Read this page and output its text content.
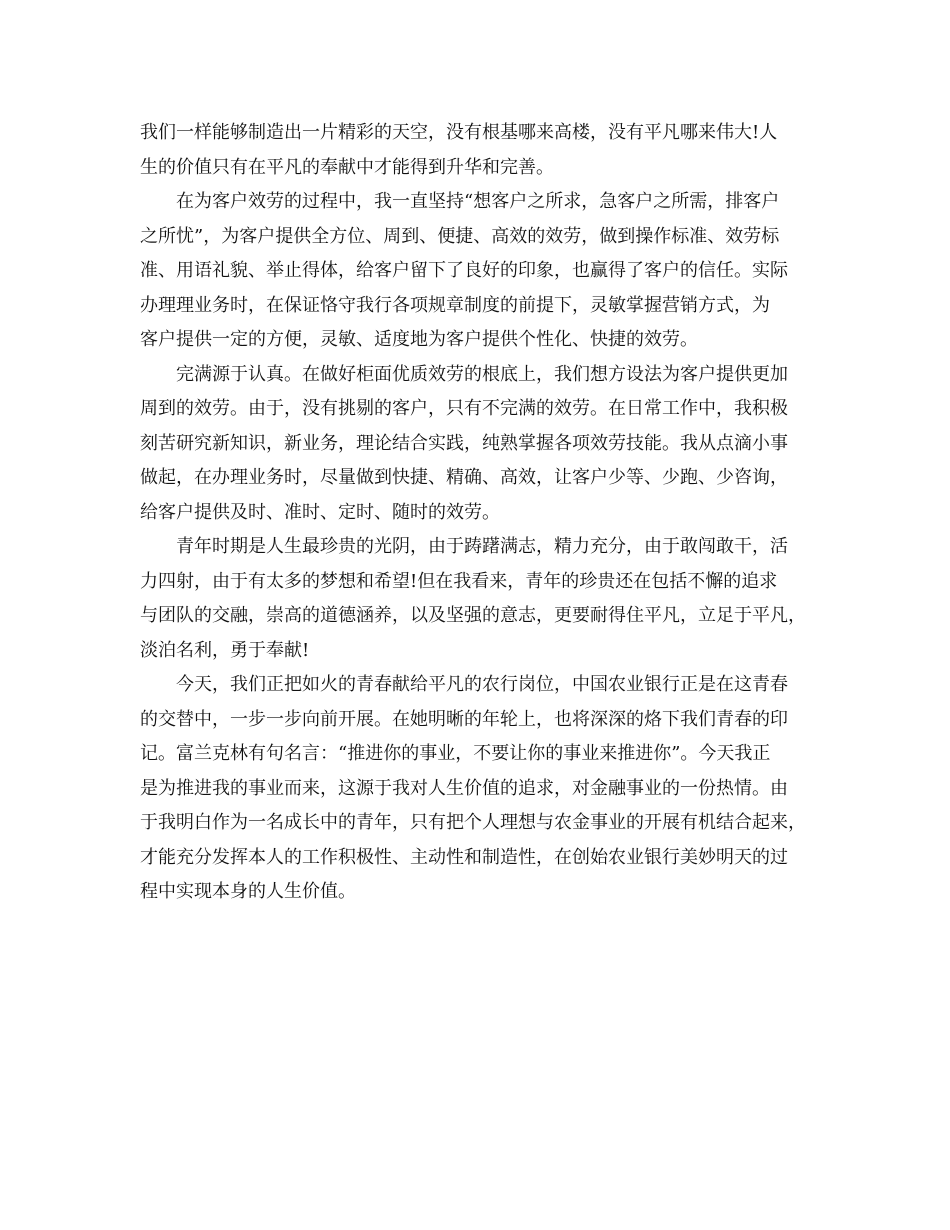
我们一样能够制造出一片精彩的天空，没有根基哪来高楼，没有平凡哪来伟大!人
生的价值只有在平凡的奉献中才能得到升华和完善。
在为客户效劳的过程中，我一直坚持“想客户之所求，急客户之所需，排客户
之所忧”，为客户提供全方位、周到、便捷、高效的效劳，做到操作标准、效劳标
准、用语礼貌、举止得体，给客户留下了良好的印象，也赢得了客户的信任。实际
办理理业务时，在保证恪守我行各项规章制度的前提下，灵敏掌握营销方式，为
客户提供一定的方便，灵敏、适度地为客户提供个性化、快捷的效劳。
完满源于认真。在做好柜面优质效劳的根底上，我们想方设法为客户提供更加
周到的效劳。由于，没有挑剔的客户，只有不完满的效劳。在日常工作中，我积极
刻苦研究新知识，新业务，理论结合实践，纯熟掌握各项效劳技能。我从点滴小事
做起，在办理业务时，尽量做到快捷、精确、高效，让客户少等、少跑、少咨询，
给客户提供及时、准时、定时、随时的效劳。
青年时期是人生最珍贵的光阴，由于踌躇满志，精力充分，由于敢闯敢干，活
力四射，由于有太多的梦想和希望!但在我看来，青年的珍贵还在包括不懈的追求
与团队的交融，崇高的道德涵养，以及坚强的意志，更要耐得住平凡，立足于平凡，
淡泊名利，勇于奉献!
今天，我们正把如火的青春献给平凡的农行岗位，中国农业银行正是在这青春
的交替中，一步一步向前开展。在她明晰的年轮上，也将深深的烙下我们青春的印
记。富兰克林有句名言：“推进你的事业，不要让你的事业来推进你”。今天我正
是为推进我的事业而来，这源于我对人生价值的追求，对金融事业的一份热情。由
于我明白作为一名成长中的青年，只有把个人理想与农金事业的开展有机结合起来，
才能充分发挥本人的工作积极性、主动性和制造性，在创始农业银行美妙明天的过
程中实现本身的人生价值。
